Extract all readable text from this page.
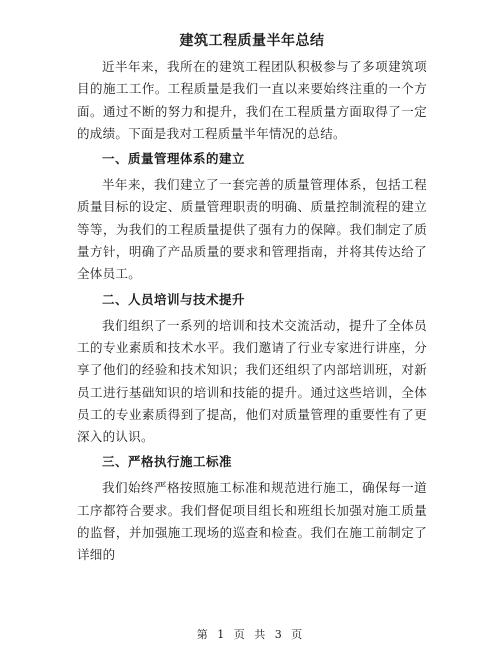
建筑工程质量半年总结

近半年来，我所在的建筑工程团队积极参与了多项建筑项目的施工工作。工程质量是我们一直以来要始终注重的一个方面。通过不断的努力和提升，我们在工程质量方面取得了一定的成绩。下面是我对工程质量半年情况的总结。

一、质量管理体系的建立

半年来，我们建立了一套完善的质量管理体系，包括工程质量目标的设定、质量管理职责的明确、质量控制流程的建立等等，为我们的工程质量提供了强有力的保障。我们制定了质量方针，明确了产品质量的要求和管理指南，并将其传达给了全体员工。

二、人员培训与技术提升

我们组织了一系列的培训和技术交流活动，提升了全体员工的专业素质和技术水平。我们邀请了行业专家进行讲座，分享了他们的经验和技术知识；我们还组织了内部培训班，对新员工进行基础知识的培训和技能的提升。通过这些培训，全体员工的专业素质得到了提高，他们对质量管理的重要性有了更深入的认识。

三、严格执行施工标准

我们始终严格按照施工标准和规范进行施工，确保每一道工序都符合要求。我们督促项目组长和班组长加强对施工质量的监督，并加强施工现场的巡查和检查。我们在施工前制定了详细的

第 1 页 共 3 页
